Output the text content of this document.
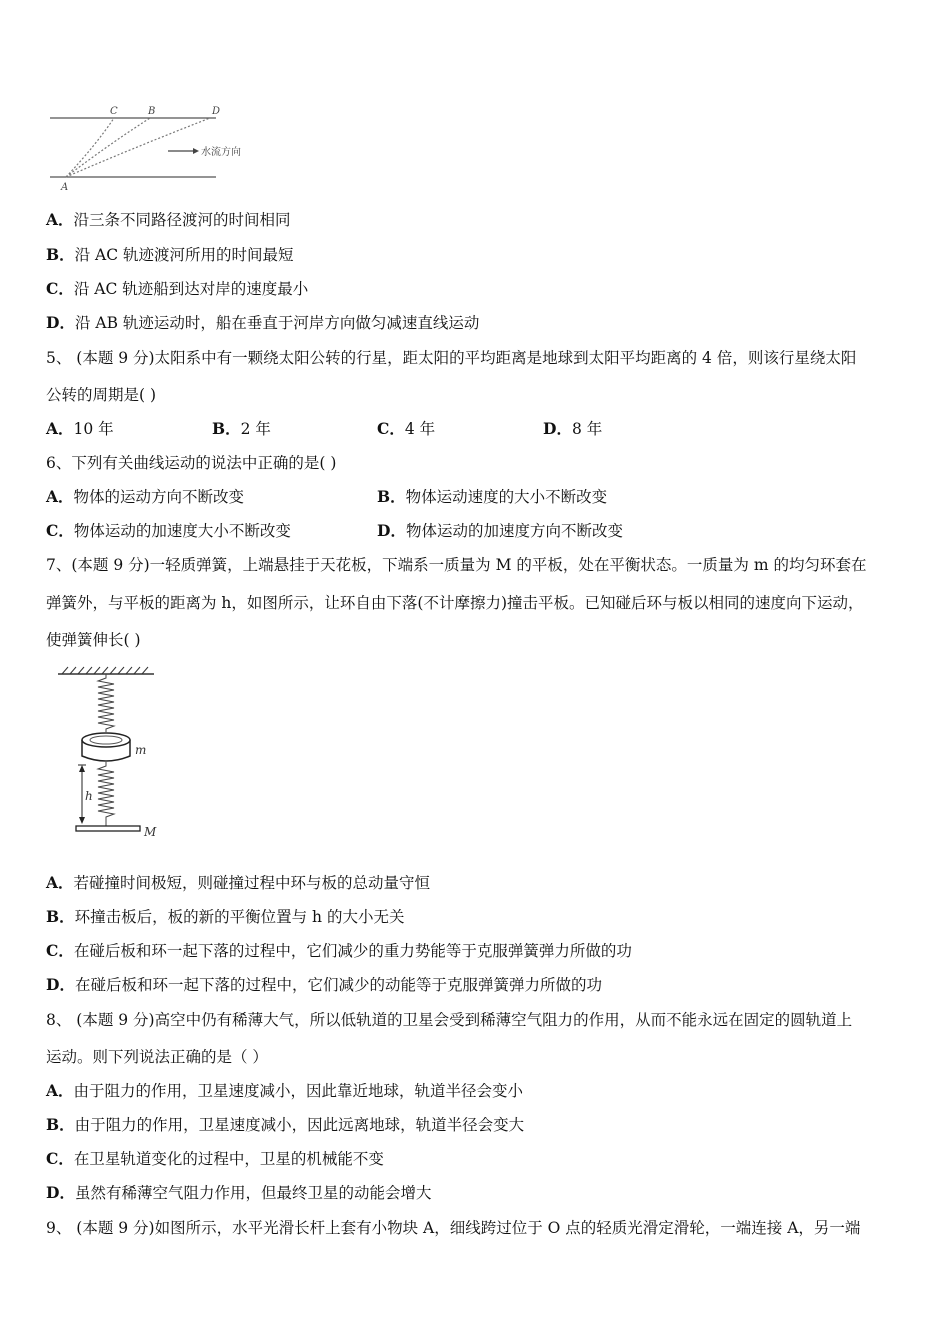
C	B	D
A
水流方向
A．沿三条不同路径渡河的时间相同
B．沿 AC 轨迹渡河所用的时间最短
C．沿 AC 轨迹船到达对岸的速度最小
D．沿 AB 轨迹运动时，船在垂直于河岸方向做匀减速直线运动
5、 (本题 9 分)太阳系中有一颗绕太阳公转的行星，距太阳的平均距离是地球到太阳平均距离的 4 倍，则该行星绕太阳
公转的周期是( )
A．10 年	B．2 年	C．4 年	D．8 年
6、下列有关曲线运动的说法中正确的是( )
A．物体的运动方向不断改变	B．物体运动速度的大小不断改变
C．物体运动的加速度大小不断改变	D．物体运动的加速度方向不断改变
7、(本题 9 分)一轻质弹簧，上端悬挂于天花板，下端系一质量为 M 的平板，处在平衡状态。一质量为 m 的均匀环套在
弹簧外，与平板的距离为 h，如图所示，让环自由下落(不计摩擦力)撞击平板。已知碰后环与板以相同的速度向下运动，
使弹簧伸长( )
m
h
M
A．若碰撞时间极短，则碰撞过程中环与板的总动量守恒
B．环撞击板后，板的新的平衡位置与 h 的大小无关
C．在碰后板和环一起下落的过程中，它们减少的重力势能等于克服弹簧弹力所做的功
D．在碰后板和环一起下落的过程中，它们减少的动能等于克服弹簧弹力所做的功
8、 (本题 9 分)高空中仍有稀薄大气，所以低轨道的卫星会受到稀薄空气阻力的作用，从而不能永远在固定的圆轨道上
运动。则下列说法正确的是（ ）
A．由于阻力的作用，卫星速度减小，因此靠近地球，轨道半径会变小
B．由于阻力的作用，卫星速度减小，因此远离地球，轨道半径会变大
C．在卫星轨道变化的过程中，卫星的机械能不变
D．虽然有稀薄空气阻力作用，但最终卫星的动能会增大
9、 (本题 9 分)如图所示，水平光滑长杆上套有小物块 A，细线跨过位于 O 点的轻质光滑定滑轮，一端连接 A，另一端
